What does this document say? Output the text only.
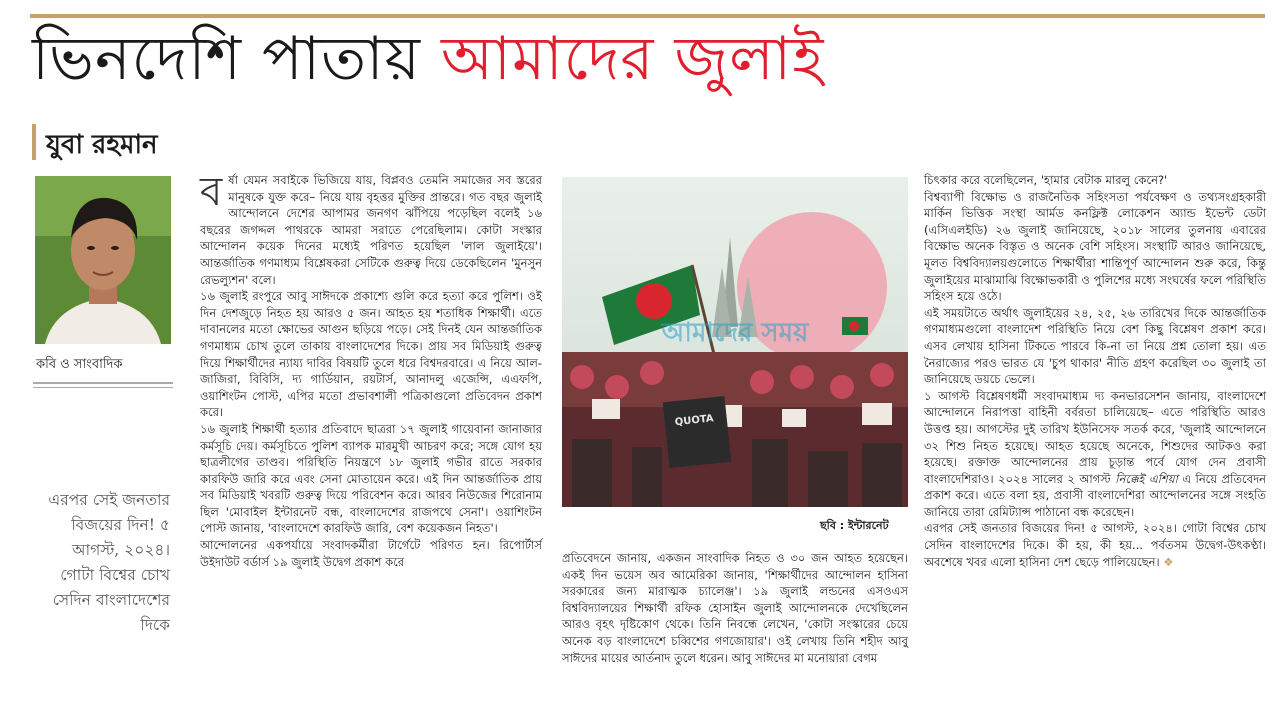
ভিনদেশি পাতায় আমাদের জুলাই
যুবা রহমান
কবি ও সাংবাদিক
এরপর সেই জনতার বিজয়ের দিন! ৫ আগস্ট, ২০২৪। গোটা বিশ্বের চোখ সেদিন বাংলাদেশের দিকে
ব র্ষা যেমন সবাইকে ভিজিয়ে যায়, বিপ্লবও তেমনি সমাজের সব স্তরের মানুষকে যুক্ত করে– নিয়ে যায় বৃহত্তর মুক্তির প্রান্তরে। গত বছর জুলাই আন্দোলনে দেশের আপামর জনগণ ঝাঁপিয়ে পড়েছিল বলেই ১৬ বছরের জগদ্দল পাথরকে আমরা সরাতে পেরেছিলাম। কোটা সংস্কার আন্দোলন কয়েক দিনের মধ্যেই পরিণত হয়েছিল 'লাল জুলাইয়ে'। আন্তর্জাতিক গণমাধ্যম বিশ্লেষকরা সেটিকে গুরুত্ব দিয়ে ডেকেছিলেন 'মুনসুন রেভল্যুশন' বলে।

১৬ জুলাই রংপুরে আবু সাঈদকে প্রকাশ্যে গুলি করে হত্যা করে পুলিশ। ওই দিন দেশজুড়ে নিহত হয় আরও ৫ জন। আহত হয় শতাধিক শিক্ষার্থী। এতে দাবানলের মতো ক্ষোভের আগুন ছড়িয়ে পড়ে। সেই দিনই যেন আন্তর্জাতিক গণমাধ্যম চোখ তুলে তাকায় বাংলাদেশের দিকে। প্রায় সব মিডিয়াই গুরুত্ব দিয়ে শিক্ষার্থীদের ন্যায্য দাবির বিষয়টি তুলে ধরে বিশ্বদরবারে। এ নিয়ে আল-জাজিরা, বিবিসি, দ্য গার্ডিয়ান, রয়টার্স, আনাদলু এজেন্সি, এএফপি, ওয়াশিংটন পোস্ট, এপির মতো প্রভাবশালী পত্রিকাগুলো প্রতিবেদন প্রকাশ করে।

১৬ জুলাই শিক্ষার্থী হত্যার প্রতিবাদে ছাত্ররা ১৭ জুলাই গায়েবানা জানাজার কর্মসূচি দেয়। কর্মসূচিতে পুলিশ ব্যাপক মারমুখী আচরণ করে; সঙ্গে যোগ হয় ছাত্রলীগের তাণ্ডব। পরিস্থিতি নিয়ন্ত্রণে ১৮ জুলাই গভীর রাতে সরকার কারফিউ জারি করে এবং সেনা মোতায়েন করে। এই দিন আন্তর্জাতিক প্রায় সব মিডিয়াই খবরটি গুরুত্ব দিয়ে পরিবেশন করে। আরব নিউজের শিরোনাম ছিল 'মোবাইল ইন্টারনেট বন্ধ, বাংলাদেশের রাজপথে সেনা'। ওয়াশিংটন পোস্ট জানায়, 'বাংলাদেশে কারফিউ জারি, বেশ কয়েকজন নিহত'।

আন্দোলনের একপর্যায়ে সংবাদকর্মীরা টার্গেটে পরিণত হন। রিপোর্টার্স উইদাউট বর্ডার্স ১৯ জুলাই উদ্বেগ প্রকাশ করে

QUOTA
আমাদের সময়
ছবি : ইন্টারনেট

প্রতিবেদনে জানায়, একজন সাংবাদিক নিহত ও ৩০ জন আহত হয়েছেন। একই দিন ভয়েস অব আমেরিকা জানায়, 'শিক্ষার্থীদের আন্দোলন হাসিনা সরকারের জন্য মারাত্মক চ্যালেঞ্জ'। ১৯ জুলাই লন্ডনের এসওএস বিশ্ববিদ্যালয়ের শিক্ষার্থী রফিক হোসাইন জুলাই আন্দোলনকে দেখেছিলেন আরও বৃহৎ দৃষ্টিকোণ থেকে। তিনি নিবন্ধে লেখেন, 'কোটা সংস্কারের চেয়ে অনেক বড় বাংলাদেশে চব্বিশের গণজোয়ার'। ওই লেখায় তিনি শহীদ আবু সাঈদের মায়ের আর্তনাদ তুলে ধরেন। আবু সাঈদের মা মনোয়ারা বেগম

চিৎকার করে বলেছিলেন, 'হামার বেটাক মারলু কেনে?'

বিশ্বব্যাপী বিক্ষোভ ও রাজনৈতিক সহিংসতা পর্যবেক্ষণ ও তথ্যসংগ্রহকারী মার্কিন ভিত্তিক সংস্থা আর্মড কনফ্লিক্ট লোকেশন অ্যান্ড ইভেন্ট ডেটা (এসিএলইডি) ২৬ জুলাই জানিয়েছে, ২০১৮ সালের তুলনায় এবারের বিক্ষোভ অনেক বিস্তৃত ও অনেক বেশি সহিংস। সংস্থাটি আরও জানিয়েছে, মূলত বিশ্ববিদ্যালয়গুলোতে শিক্ষার্থীরা শান্তিপূর্ণ আন্দোলন শুরু করে, কিন্তু জুলাইয়ের মাঝামাঝি বিক্ষোভকারী ও পুলিশের মধ্যে সংঘর্ষের ফলে পরিস্থিতি সহিংস হয়ে ওঠে।

এই সময়টাতে অর্থাৎ জুলাইয়ের ২৪, ২৫, ২৬ তারিখের দিকে আন্তর্জাতিক গণমাধ্যমগুলো বাংলাদেশ পরিস্থিতি নিয়ে বেশ কিছু বিশ্লেষণ প্রকাশ করে। এসব লেখায় হাসিনা টিকতে পারবে কি-না তা নিয়ে প্রশ্ন তোলা হয়। এত নৈরাজ্যের পরও ভারত যে 'চুপ থাকার' নীতি গ্রহণ করেছিল ৩০ জুলাই তা জানিয়েছে ডয়চে ভেলে।

১ আগস্ট বিশ্লেষণধর্মী সংবাদমাধ্যম দ্য কনভারসেশন জানায়, বাংলাদেশে আন্দোলনে নিরাপত্তা বাহিনী বর্বরতা চালিয়েছে– এতে পরিস্থিতি আরও উত্তপ্ত হয়। আগস্টের দুই তারিখ ইউনিসেফ সতর্ক করে, 'জুলাই আন্দোলনে ৩২ শিশু নিহত হয়েছে। আহত হয়েছে অনেকে, শিশুদের আটকও করা হয়েছে। রক্তাক্ত আন্দোলনের প্রায় চূড়ান্ত পর্বে যোগ দেন প্রবাসী বাংলাদেশিরাও। ২০২৪ সালের ২ আগস্ট নিক্কেই এশিয়া এ নিয়ে প্রতিবেদন প্রকাশ করে। এতে বলা হয়, প্রবাসী বাংলাদেশিরা আন্দোলনের সঙ্গে সংহতি জানিয়ে তারা রেমিট্যান্স পাঠানো বন্ধ করেছেন।

এরপর সেই জনতার বিজয়ের দিন! ৫ আগস্ট, ২০২৪। গোটা বিশ্বের চোখ সেদিন বাংলাদেশের দিকে। কী হয়, কী হয়... পর্বতসম উদ্বেগ-উৎকণ্ঠা। অবশেষে খবর এলো হাসিনা দেশ ছেড়ে পালিয়েছেন। ❖
